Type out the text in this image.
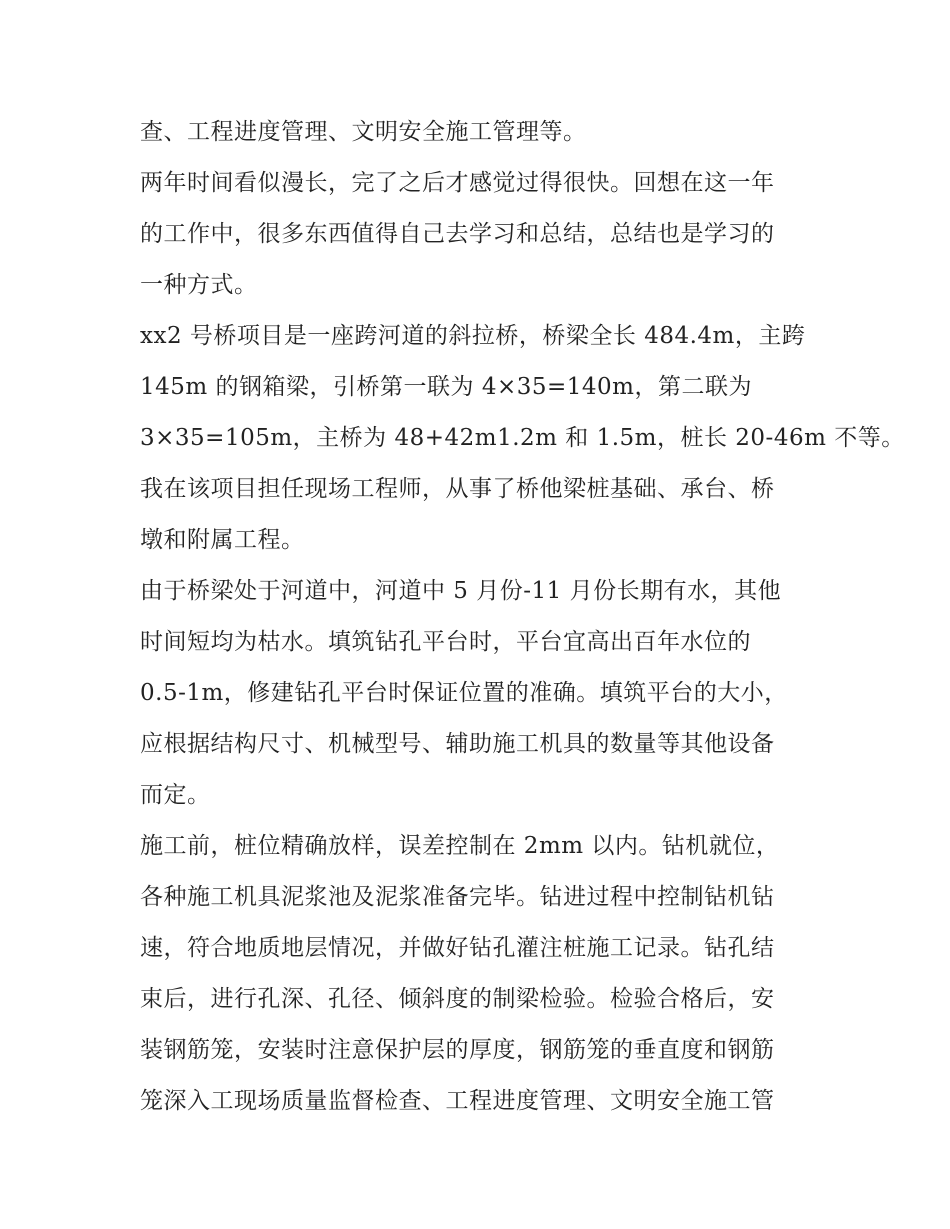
查、工程进度管理、文明安全施工管理等。
两年时间看似漫长，完了之后才感觉过得很快。回想在这一年
的工作中，很多东西值得自己去学习和总结，总结也是学习的
一种方式。
xx2 号桥项目是一座跨河道的斜拉桥，桥梁全长 484.4m，主跨
145m 的钢箱梁，引桥第一联为 4×35=140m，第二联为
3×35=105m，主桥为 48+42m1.2m 和 1.5m，桩长 20-46m 不等。
我在该项目担任现场工程师，从事了桥他梁桩基础、承台、桥
墩和附属工程。
由于桥梁处于河道中，河道中 5 月份-11 月份长期有水，其他
时间短均为枯水。填筑钻孔平台时，平台宜高出百年水位的
0.5-1m，修建钻孔平台时保证位置的准确。填筑平台的大小，
应根据结构尺寸、机械型号、辅助施工机具的数量等其他设备
而定。
施工前，桩位精确放样，误差控制在 2mm 以内。钻机就位，
各种施工机具泥浆池及泥浆准备完毕。钻进过程中控制钻机钻
速，符合地质地层情况，并做好钻孔灌注桩施工记录。钻孔结
束后，进行孔深、孔径、倾斜度的制梁检验。检验合格后，安
装钢筋笼，安装时注意保护层的厚度，钢筋笼的垂直度和钢筋
笼深入工现场质量监督检查、工程进度管理、文明安全施工管
